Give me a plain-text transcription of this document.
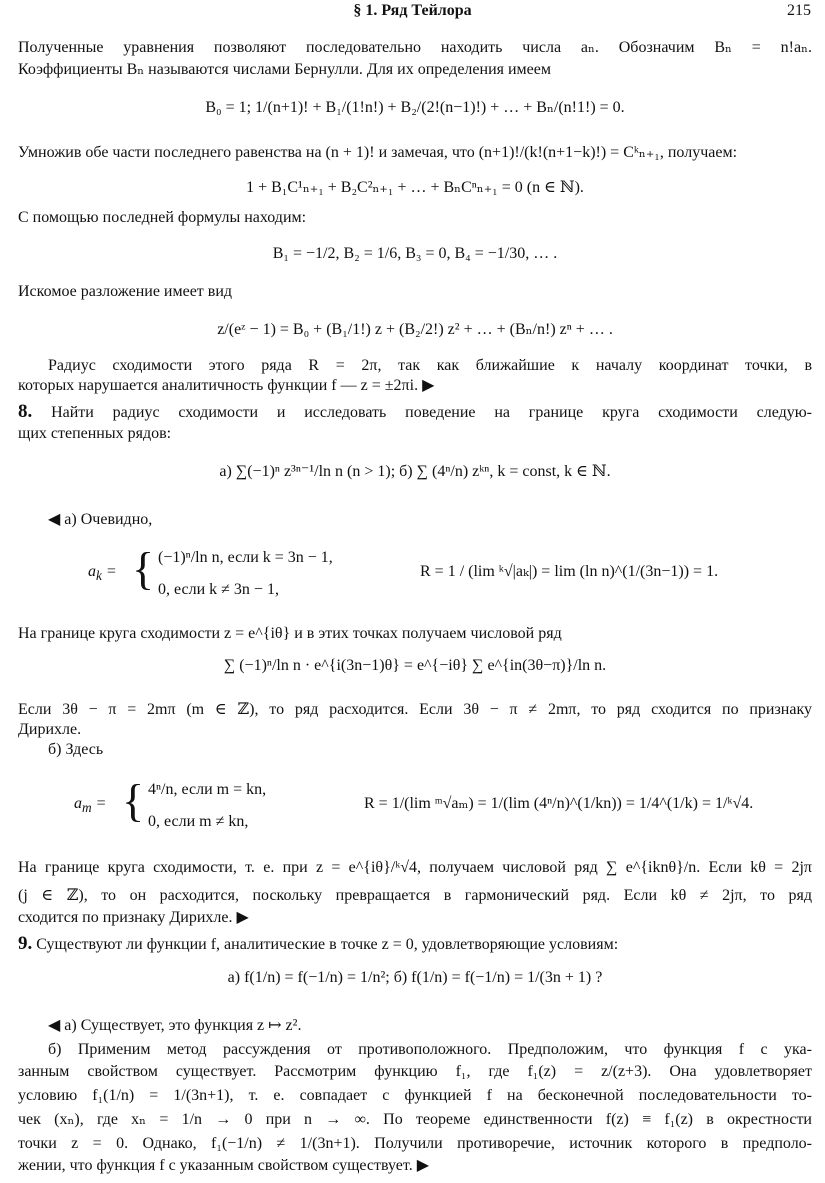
§ 1. Ряд Тейлора	215
Полученные уравнения позволяют последовательно находить числа aₙ. Обозначим Bₙ = n!aₙ.
Коэффициенты Bₙ называются числами Бернулли. Для их определения имеем
B₀ = 1; 1/(n+1)! + B₁/(1!n!) + B₂/(2!(n−1)!) + … + Bₙ/(n!1!) = 0.
Умножив обе части последнего равенства на (n + 1)! и замечая, что (n+1)!/(k!(n+1−k)!) = Cᵏₙ₊₁, получаем:
1 + B₁C¹ₙ₊₁ + B₂C²ₙ₊₁ + … + BₙCⁿₙ₊₁ = 0 (n ∈ ℕ).
С помощью последней формулы находим:
B₁ = −1/2, B₂ = 1/6, B₃ = 0, B₄ = −1/30, … .
Искомое разложение имеет вид
z/(eᶻ − 1) = B₀ + (B₁/1!) z + (B₂/2!) z² + … + (Bₙ/n!) zⁿ + … .
Радиус сходимости этого ряда R = 2π, так как ближайшие к началу координат точки, в
которых нарушается аналитичность функции f — z = ±2πi. ▶
8. Найти радиус сходимости и исследовать поведение на границе круга сходимости следую-
щих степенных рядов:
а) ∑(−1)ⁿ z³ⁿ⁻¹/ln n (n > 1); б) ∑ (4ⁿ/n) zᵏⁿ, k = const, k ∈ ℕ.
◀ а) Очевидно,
$a_k$ = { (−1)ⁿ/ln n, если k = 3n − 1,
0, если k ≠ 3n − 1,
R = 1 / (lim ᵏ√|aₖ|) = lim (ln n)^(1/(3n−1)) = 1.
На границе круга сходимости z = e^{iθ} и в этих точках получаем числовой ряд
∑ (−1)ⁿ/ln n · e^{i(3n−1)θ} = e^{−iθ} ∑ e^{in(3θ−π)}/ln n.
Если 3θ − π = 2mπ (m ∈ ℤ), то ряд расходится. Если 3θ − π ≠ 2mπ, то ряд сходится по признаку
Дирихле.
б) Здесь
$a_m$ = { 4ⁿ/n, если m = kn,
0, если m ≠ kn,
R = 1/(lim ᵐ√aₘ) = 1/(lim (4ⁿ/n)^(1/kn)) = 1/4^(1/k) = 1/ᵏ√4.
На границе круга сходимости, т. е. при z = e^{iθ}/ᵏ√4, получаем числовой ряд ∑ e^{iknθ}/n. Если kθ = 2jπ
(j ∈ ℤ), то он расходится, поскольку превращается в гармонический ряд. Если kθ ≠ 2jπ, то ряд
сходится по признаку Дирихле. ▶
9. Существуют ли функции f, аналитические в точке z = 0, удовлетворяющие условиям:
а) f(1/n) = f(−1/n) = 1/n²; б) f(1/n) = f(−1/n) = 1/(3n + 1) ?
◀ а) Существует, это функция z ↦ z².
б) Применим метод рассуждения от противоположного. Предположим, что функция f с ука-
занным свойством существует. Рассмотрим функцию f₁, где f₁(z) = z/(z+3). Она удовлетворяет
условию f₁(1/n) = 1/(3n+1), т. е. совпадает с функцией f на бесконечной последовательности то-
чек (xₙ), где xₙ = 1/n → 0 при n → ∞. По теореме единственности f(z) ≡ f₁(z) в окрестности
точки z = 0. Однако, f₁(−1/n) ≠ 1/(3n+1). Получили противоречие, источник которого в предполо-
жении, что функция f с указанным свойством существует. ▶
